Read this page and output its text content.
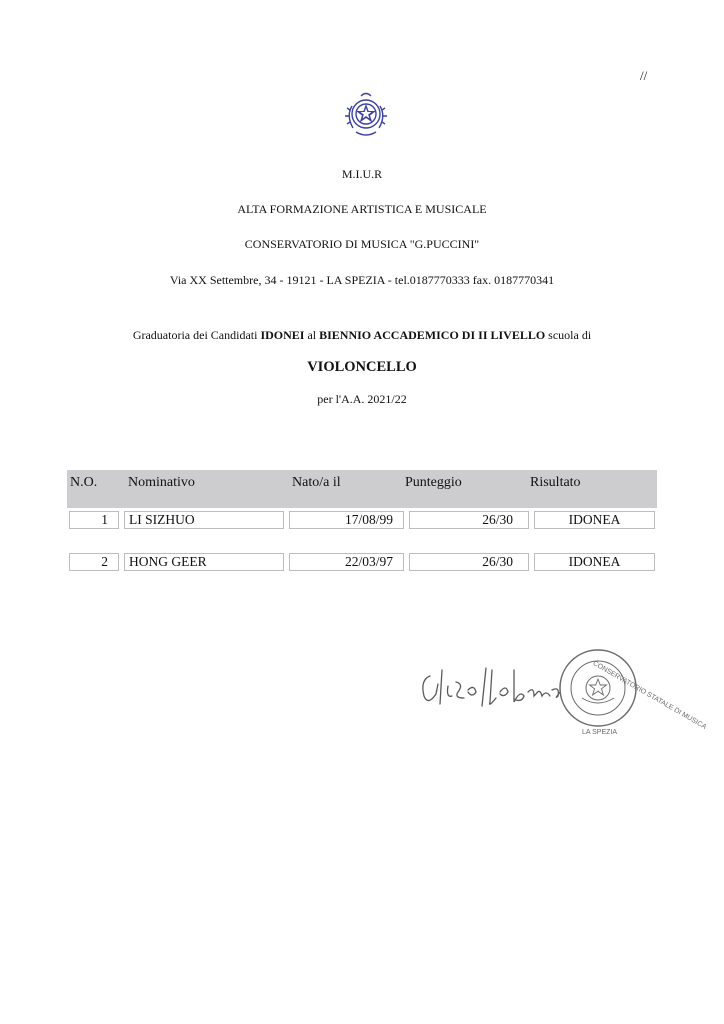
//
M.I.U.R
ALTA FORMAZIONE ARTISTICA E MUSICALE
CONSERVATORIO DI MUSICA "G.PUCCINI"
Via XX Settembre, 34 - 19121 - LA SPEZIA - tel.0187770333 fax. 0187770341
Graduatoria dei Candidati IDONEI al BIENNIO ACCADEMICO DI II LIVELLO scuola di
VIOLONCELLO
per l'A.A. 2021/22
N.O. Nominativo	Nato/a il	Punteggio	Risultato
1	LI SIZHUO	17/08/99	26/30	IDONEA
2	HONG GEER	22/03/97	26/30	IDONEA
CONSERVATORIO STATALE DI MUSICA
LA SPEZIA
